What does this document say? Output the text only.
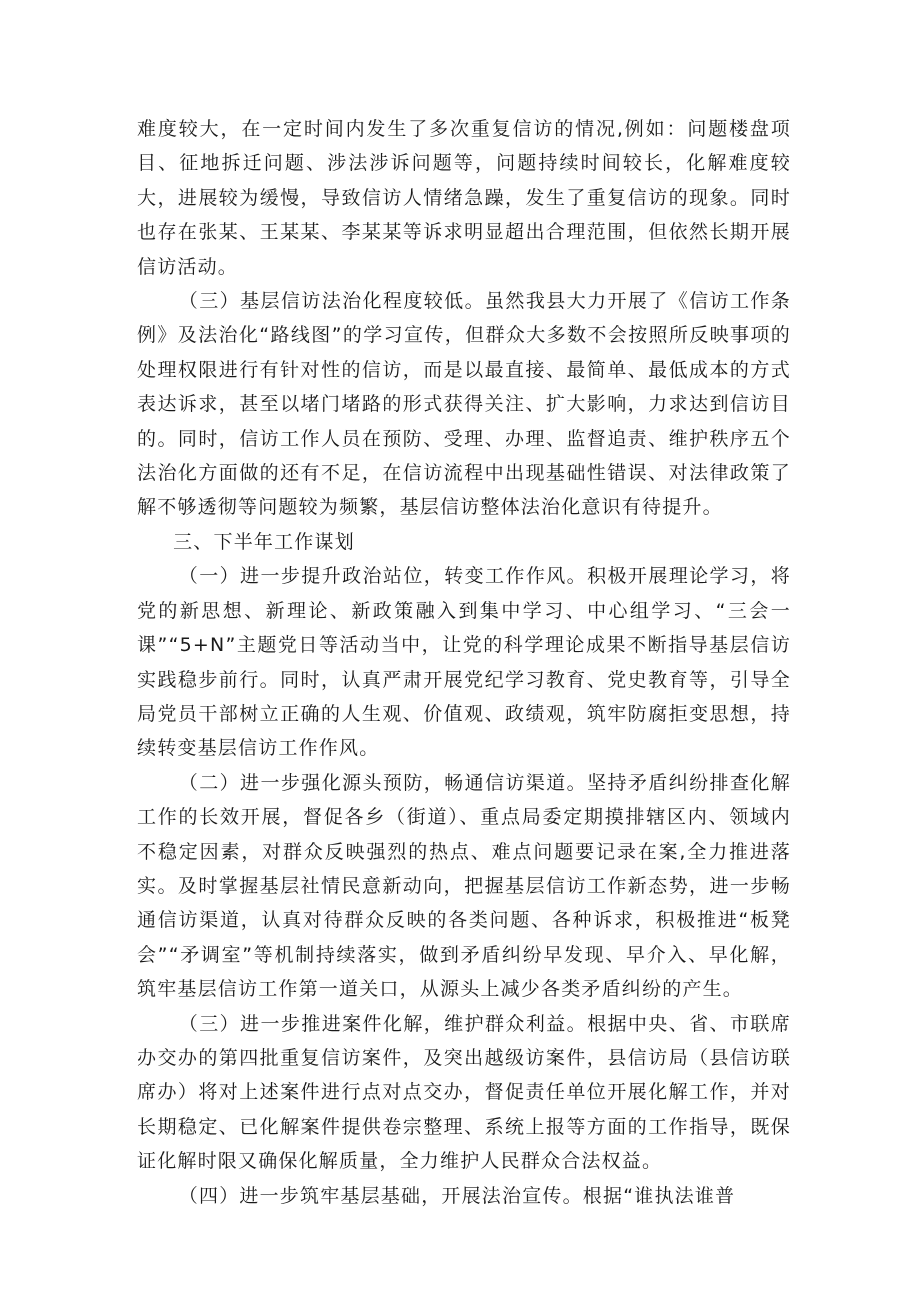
难度较大，在一定时间内发生了多次重复信访的情况,例如：问题楼盘项目、征地拆迁问题、涉法涉诉问题等，问题持续时间较长，化解难度较大，进展较为缓慢，导致信访人情绪急躁，发生了重复信访的现象。同时也存在张某、王某某、李某某等诉求明显超出合理范围，但依然长期开展信访活动。

（三）基层信访法治化程度较低。虽然我县大力开展了《信访工作条例》及法治化“路线图”的学习宣传，但群众大多数不会按照所反映事项的处理权限进行有针对性的信访，而是以最直接、最简单、最低成本的方式表达诉求，甚至以堵门堵路的形式获得关注、扩大影响，力求达到信访目的。同时，信访工作人员在预防、受理、办理、监督追责、维护秩序五个法治化方面做的还有不足，在信访流程中出现基础性错误、对法律政策了解不够透彻等问题较为频繁，基层信访整体法治化意识有待提升。

三、下半年工作谋划

（一）进一步提升政治站位，转变工作作风。积极开展理论学习，将党的新思想、新理论、新政策融入到集中学习、中心组学习、“三会一课”“5+N”主题党日等活动当中，让党的科学理论成果不断指导基层信访实践稳步前行。同时，认真严肃开展党纪学习教育、党史教育等，引导全局党员干部树立正确的人生观、价值观、政绩观，筑牢防腐拒变思想，持续转变基层信访工作作风。

（二）进一步强化源头预防，畅通信访渠道。坚持矛盾纠纷排查化解工作的长效开展，督促各乡（街道）、重点局委定期摸排辖区内、领域内不稳定因素，对群众反映强烈的热点、难点问题要记录在案,全力推进落实。及时掌握基层社情民意新动向，把握基层信访工作新态势，进一步畅通信访渠道，认真对待群众反映的各类问题、各种诉求，积极推进“板凳会”“矛调室”等机制持续落实，做到矛盾纠纷早发现、早介入、早化解，筑牢基层信访工作第一道关口，从源头上减少各类矛盾纠纷的产生。

（三）进一步推进案件化解，维护群众利益。根据中央、省、市联席办交办的第四批重复信访案件，及突出越级访案件，县信访局（县信访联席办）将对上述案件进行点对点交办，督促责任单位开展化解工作，并对长期稳定、已化解案件提供卷宗整理、系统上报等方面的工作指导，既保证化解时限又确保化解质量，全力维护人民群众合法权益。

（四）进一步筑牢基层基础，开展法治宣传。根据“谁执法谁普
